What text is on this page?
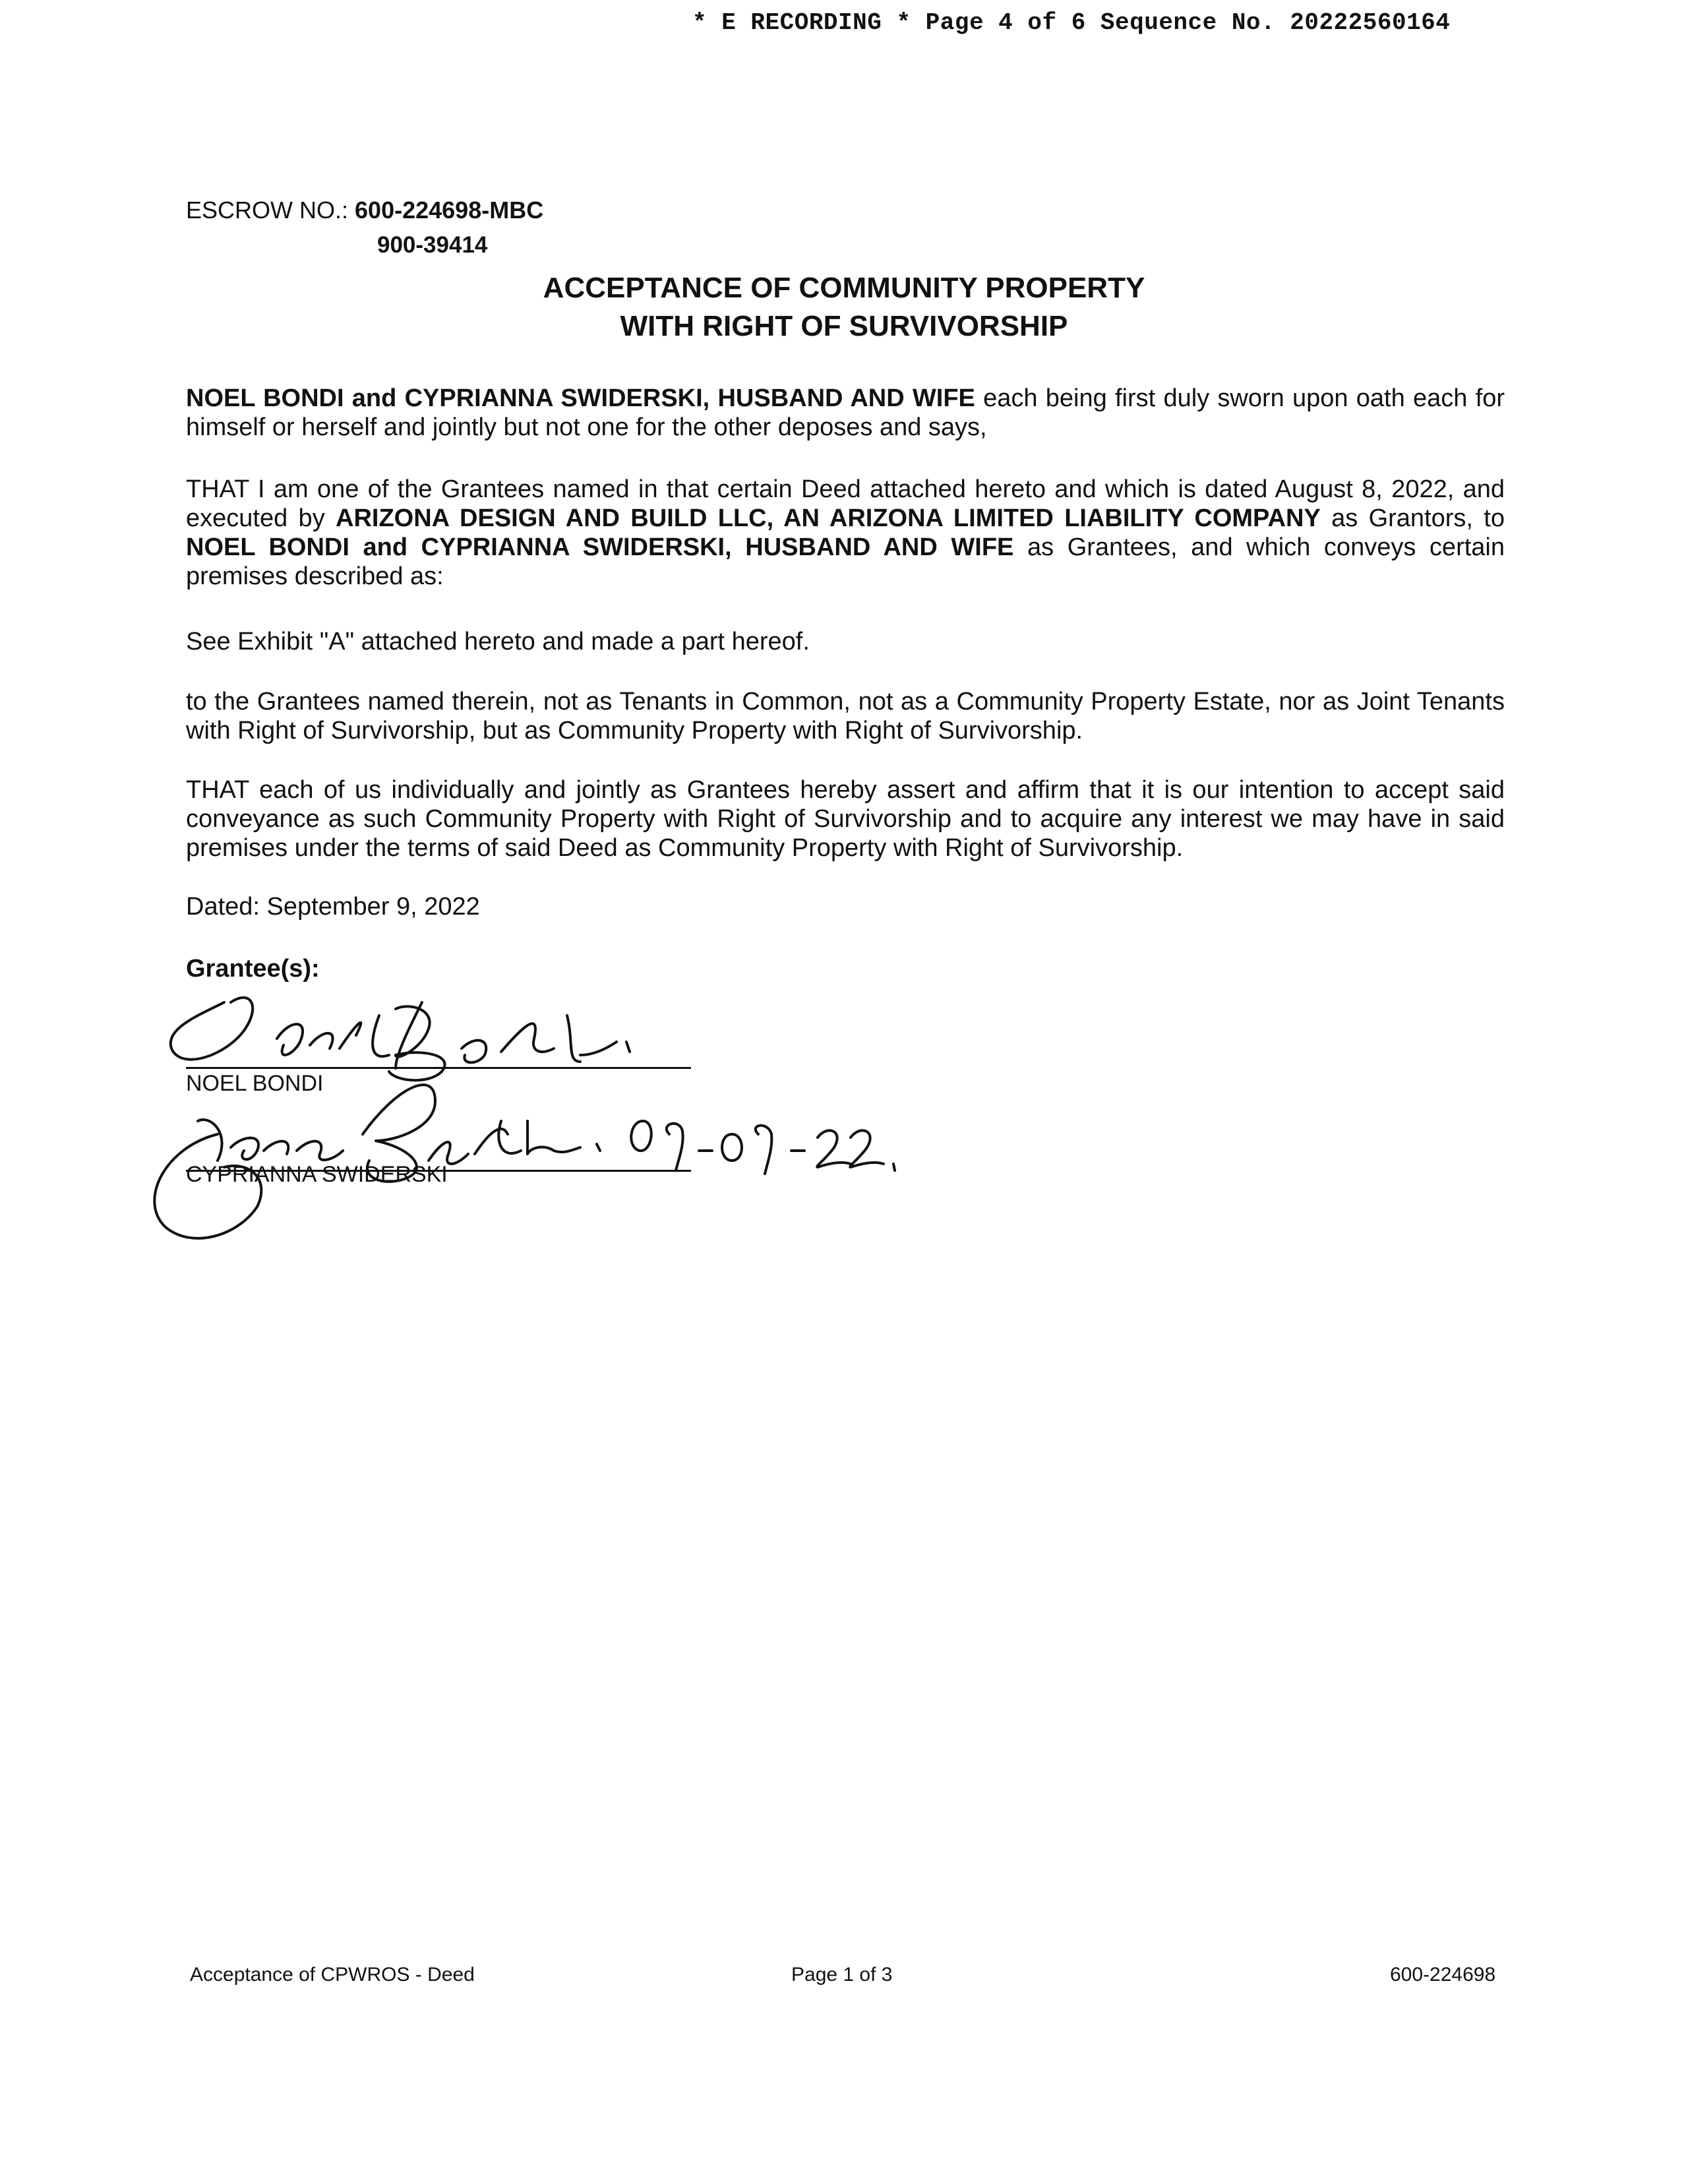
* E RECORDING * Page 4 of 6 Sequence No. 20222560164
ESCROW NO.: 600-224698-MBC
900-39414
ACCEPTANCE OF COMMUNITY PROPERTY
WITH RIGHT OF SURVIVORSHIP
NOEL BONDI and CYPRIANNA SWIDERSKI, HUSBAND AND WIFE each being first duly sworn upon oath each for himself or herself and jointly but not one for the other deposes and says,
THAT I am one of the Grantees named in that certain Deed attached hereto and which is dated August 8, 2022, and executed by ARIZONA DESIGN AND BUILD LLC, AN ARIZONA LIMITED LIABILITY COMPANY as Grantors, to NOEL BONDI and CYPRIANNA SWIDERSKI, HUSBAND AND WIFE as Grantees, and which conveys certain premises described as:
See Exhibit "A" attached hereto and made a part hereof.
to the Grantees named therein, not as Tenants in Common, not as a Community Property Estate, nor as Joint Tenants with Right of Survivorship, but as Community Property with Right of Survivorship.
THAT each of us individually and jointly as Grantees hereby assert and affirm that it is our intention to accept said conveyance as such Community Property with Right of Survivorship and to acquire any interest we may have in said premises under the terms of said Deed as Community Property with Right of Survivorship.
Dated: September 9, 2022
Grantee(s):
NOEL BONDI
CYPRIANNA SWIDERSKI
Acceptance of CPWROS - Deed	Page 1 of 3	600-224698
